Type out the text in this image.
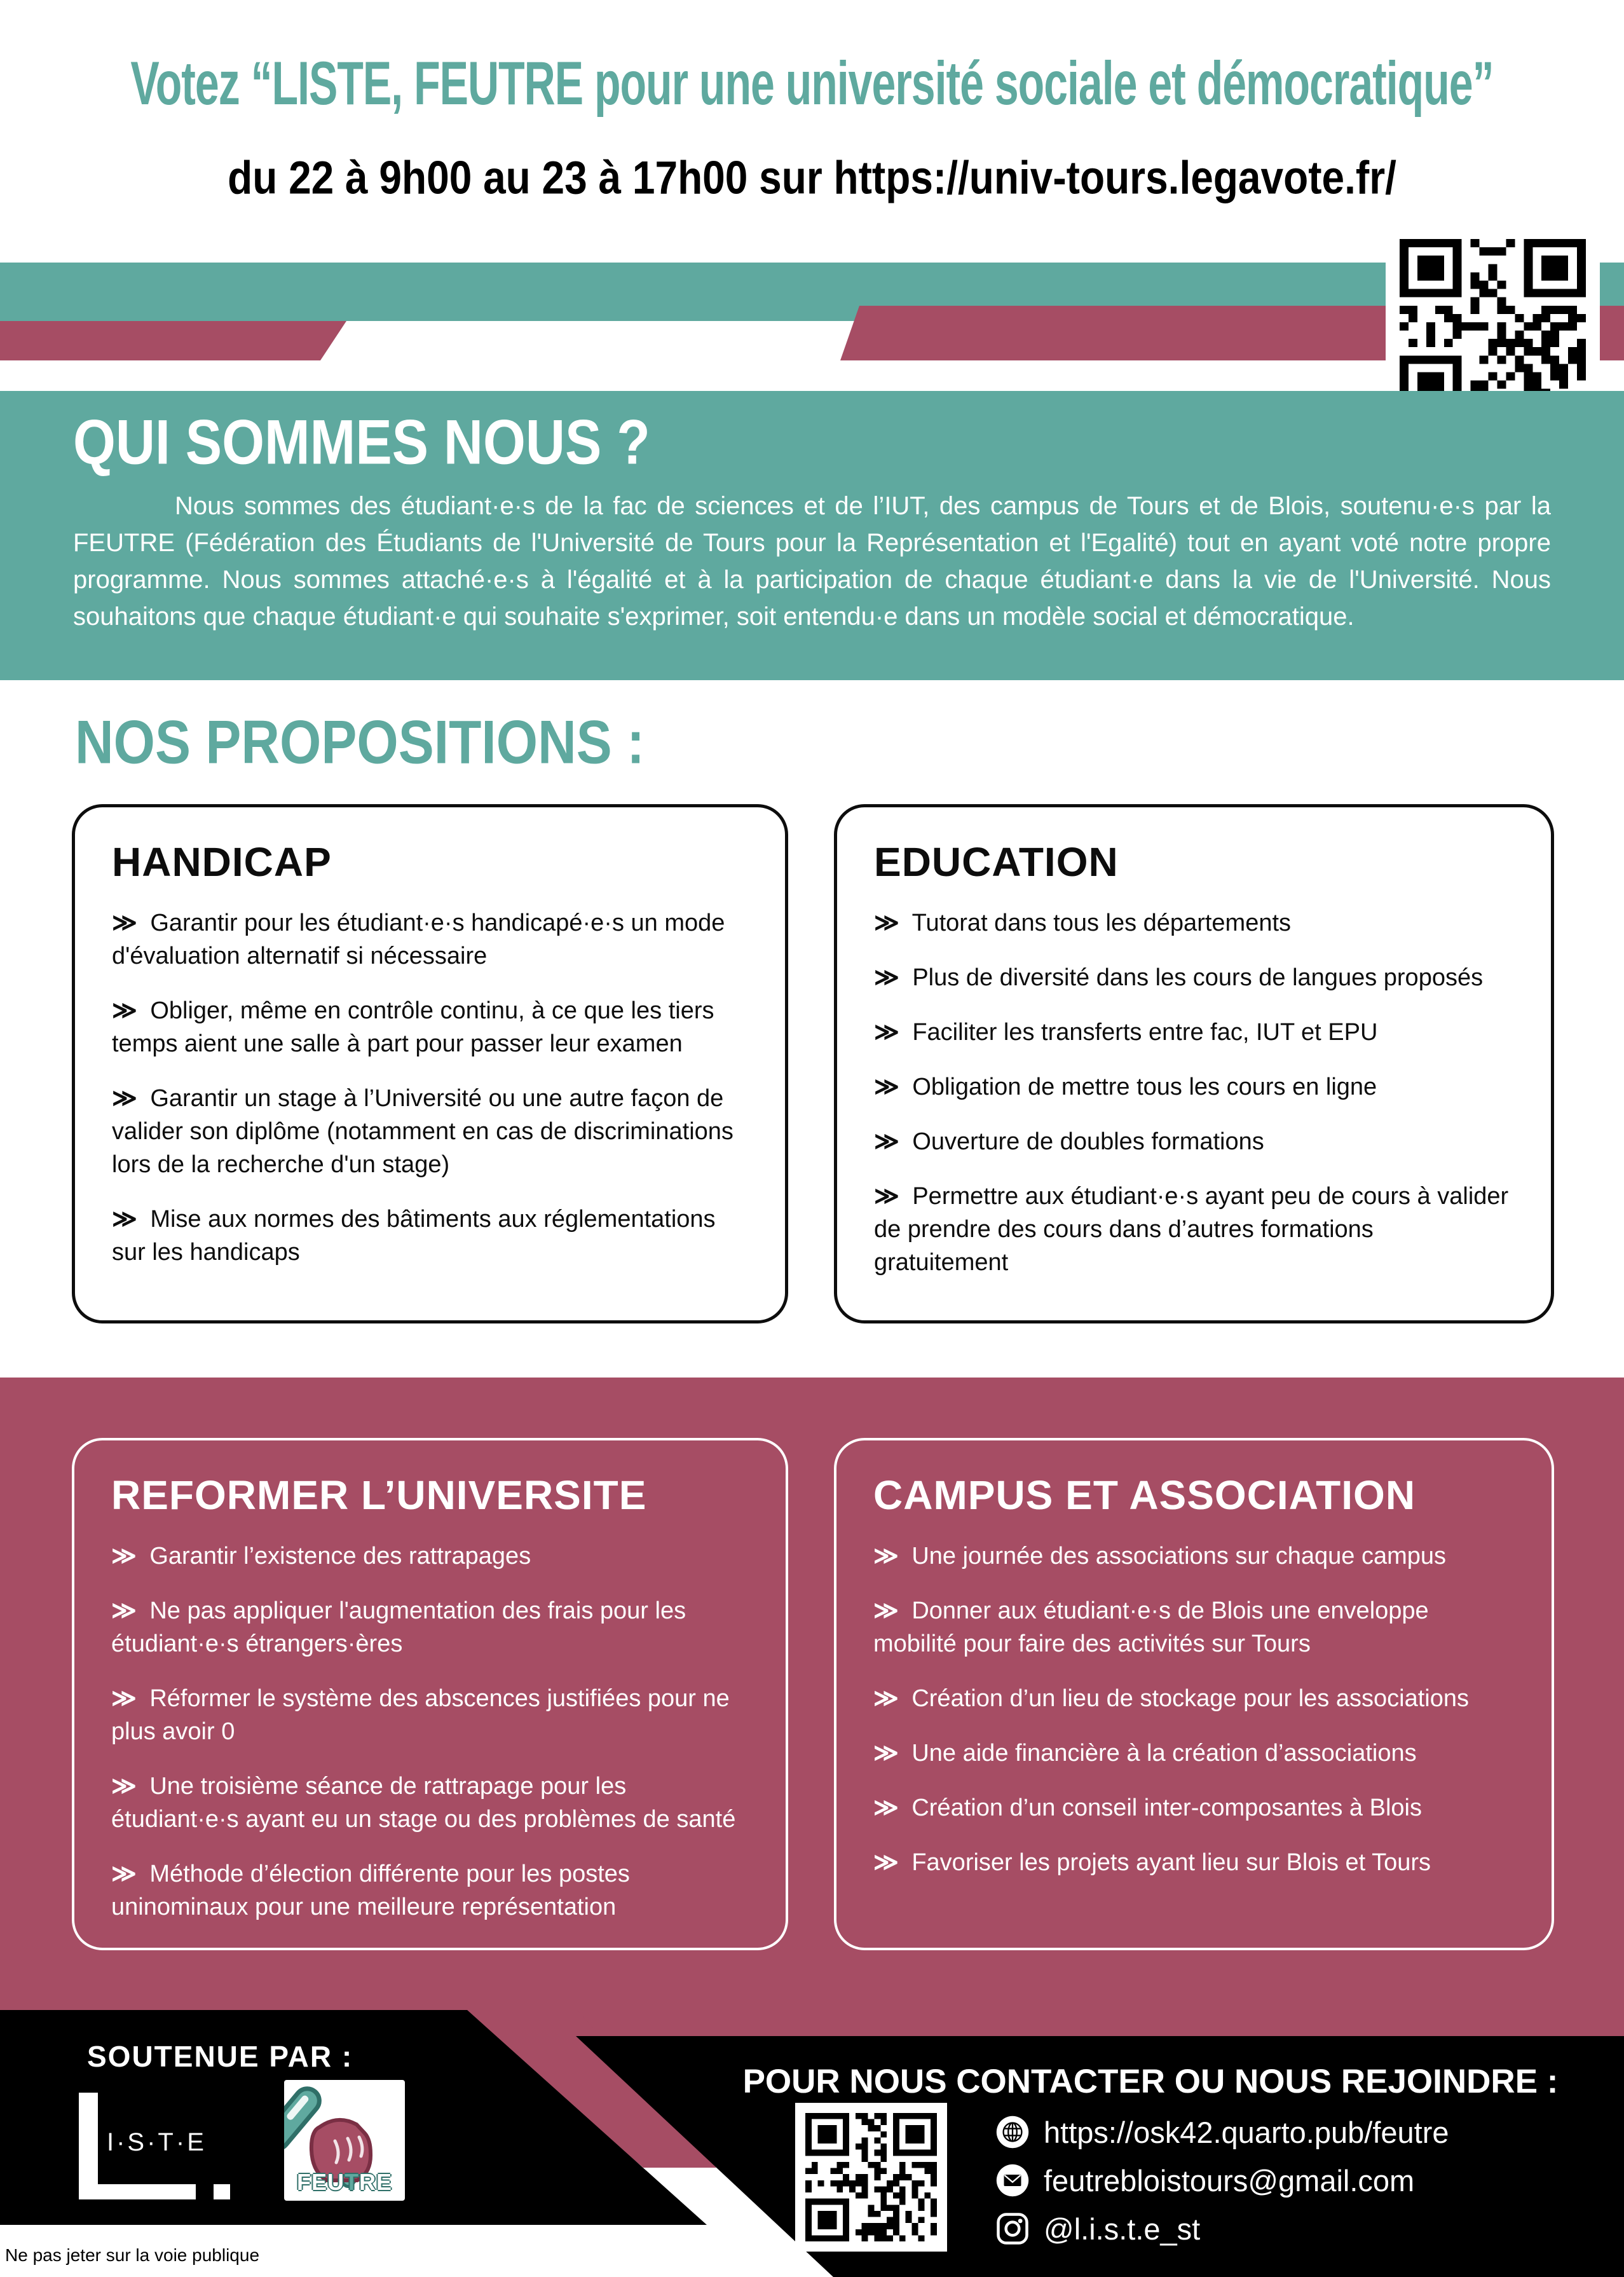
Votez “LISTE, FEUTRE pour une université sociale et démocratique”
du 22 à 9h00 au 23 à 17h00 sur https://univ-tours.legavote.fr/
QUI SOMMES NOUS ?

Nous sommes des étudiant·e·s de la fac de sciences et de l’IUT, des campus de Tours et de Blois, soutenu·e·s par la FEUTRE (Fédération des Étudiants de l'Université de Tours pour la Représentation et l'Egalité) tout en ayant voté notre propre programme. Nous sommes attaché·e·s à l'égalité et à la participation de chaque étudiant·e dans la vie de l'Université. Nous souhaitons que chaque étudiant·e qui souhaite s'exprimer, soit entendu·e dans un modèle social et démocratique.

NOS PROPOSITIONS :
HANDICAP
≫ Garantir pour les étudiant·e·s handicapé·e·s un mode d'évaluation alternatif si nécessaire
≫ Obliger, même en contrôle continu, à ce que les tiers temps aient une salle à part pour passer leur examen
≫ Garantir un stage à l’Université ou une autre façon de valider son diplôme (notamment en cas de discriminations lors de la recherche d'un stage)
≫ Mise aux normes des bâtiments aux réglementations sur les handicaps
EDUCATION
≫ Tutorat dans tous les départements
≫ Plus de diversité dans les cours de langues proposés
≫ Faciliter les transferts entre fac, IUT et EPU
≫ Obligation de mettre tous les cours en ligne
≫ Ouverture de doubles formations
≫ Permettre aux étudiant·e·s ayant peu de cours à valider de prendre des cours dans d’autres formations gratuitement
REFORMER L’UNIVERSITE
≫ Garantir l’existence des rattrapages
≫ Ne pas appliquer l'augmentation des frais pour les étudiant·e·s étrangers·ères
≫ Réformer le système des abscences justifiées pour ne plus avoir 0
≫ Une troisième séance de rattrapage pour les étudiant·e·s ayant eu un stage ou des problèmes de santé
≫ Méthode d’élection différente pour les postes uninominaux pour une meilleure représentation
CAMPUS ET ASSOCIATION
≫ Une journée des associations sur chaque campus
≫ Donner aux étudiant·e·s de Blois une enveloppe mobilité pour faire des activités sur Tours
≫ Création d’un lieu de stockage pour les associations
≫ Une aide financière à la création d’associations
≫ Création d’un conseil inter-composantes à Blois
≫ Favoriser les projets ayant lieu sur Blois et Tours
SOUTENUE PAR :
I·S·T·E
FEUTRE
POUR NOUS CONTACTER OU NOUS REJOINDRE :
https://osk42.quarto.pub/feutre
feutrebloistours@gmail.com
@l.i.s.t.e_st
Ne pas jeter sur la voie publique
